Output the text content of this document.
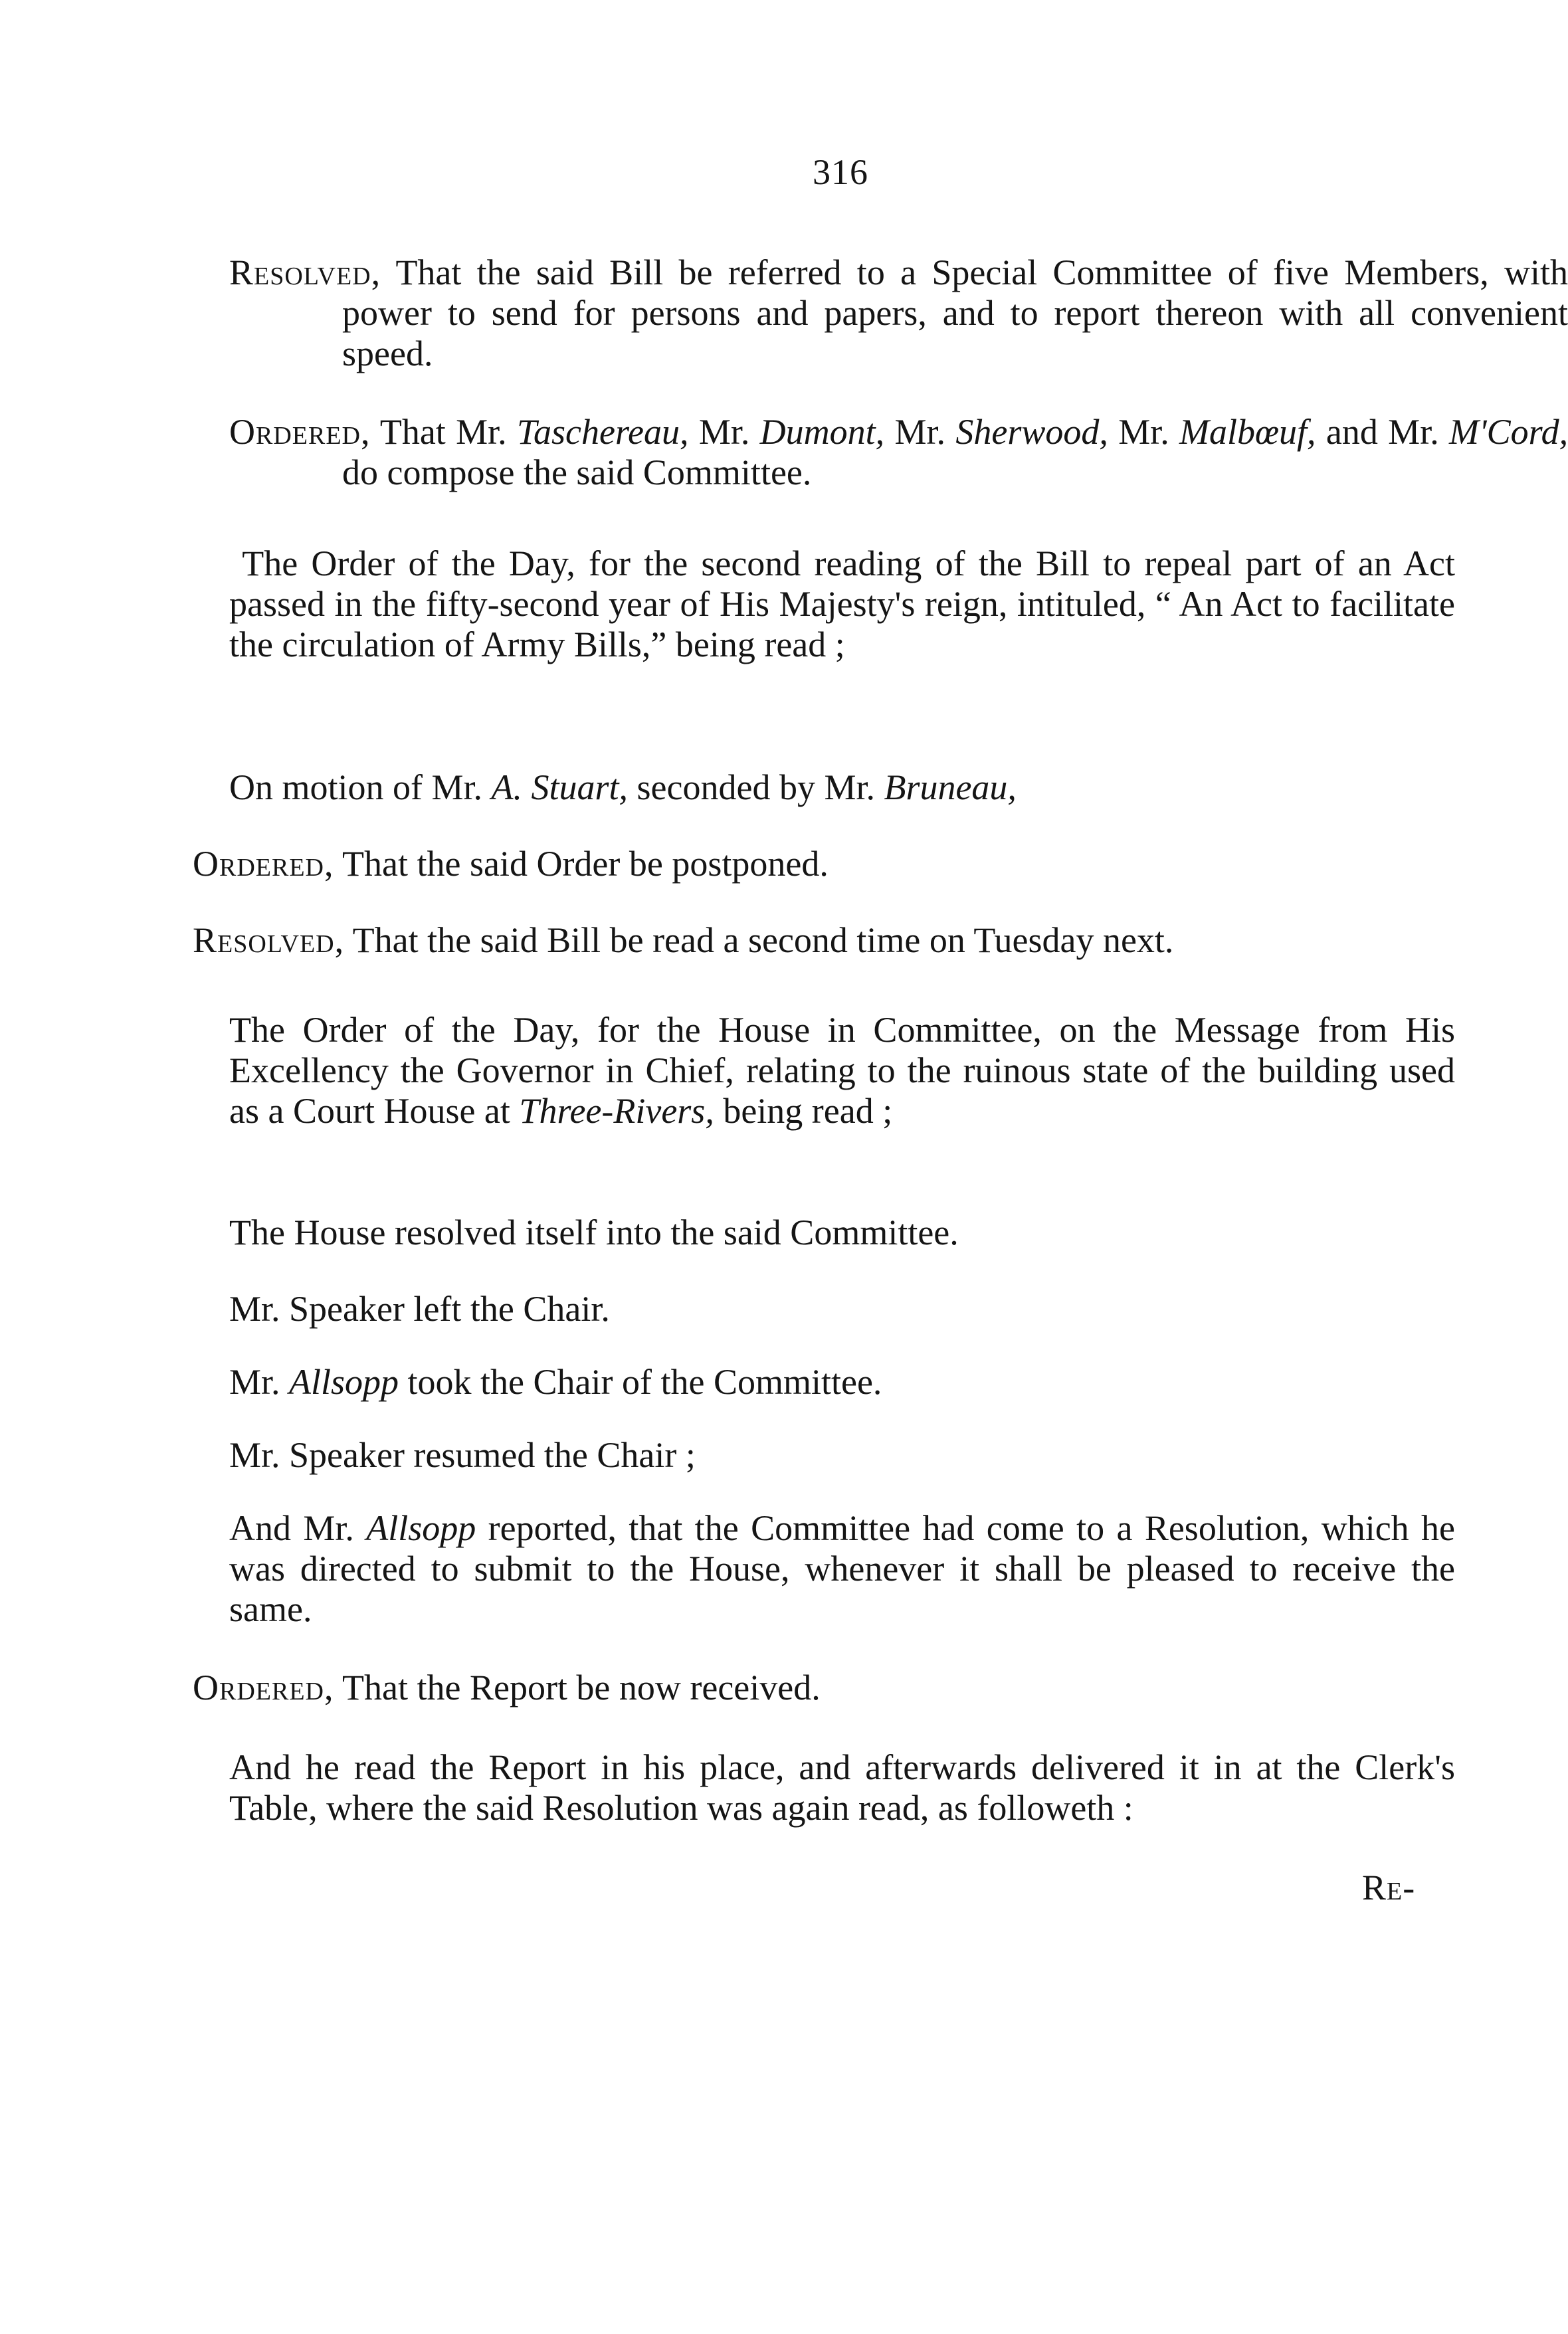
316
Resolved, That the said Bill be referred to a Special Committee of five Members, with power to send for persons and papers, and to report thereon with all convenient speed.
Ordered, That Mr. Taschereau, Mr. Dumont, Mr. Sherwood, Mr. Malbœuf, and Mr. M'Cord, do compose the said Committee.
The Order of the Day, for the second reading of the Bill to repeal part of an Act passed in the fifty-second year of His Majesty's reign, intituled, “ An Act to facilitate the circulation of Army Bills,” being read ;
On motion of Mr. A. Stuart, seconded by Mr. Bruneau,
Ordered, That the said Order be postponed.
Resolved, That the said Bill be read a second time on Tuesday next.
The Order of the Day, for the House in Committee, on the Message from His Excellency the Governor in Chief, relating to the ruinous state of the building used as a Court House at Three-Rivers, being read ;
The House resolved itself into the said Committee.
Mr. Speaker left the Chair.
Mr. Allsopp took the Chair of the Committee.
Mr. Speaker resumed the Chair ;
And Mr. Allsopp reported, that the Committee had come to a Resolution, which he was directed to submit to the House, whenever it shall be pleased to receive the same.
Ordered, That the Report be now received.
And he read the Report in his place, and afterwards delivered it in at the Clerk's Table, where the said Resolution was again read, as followeth :
Re-
